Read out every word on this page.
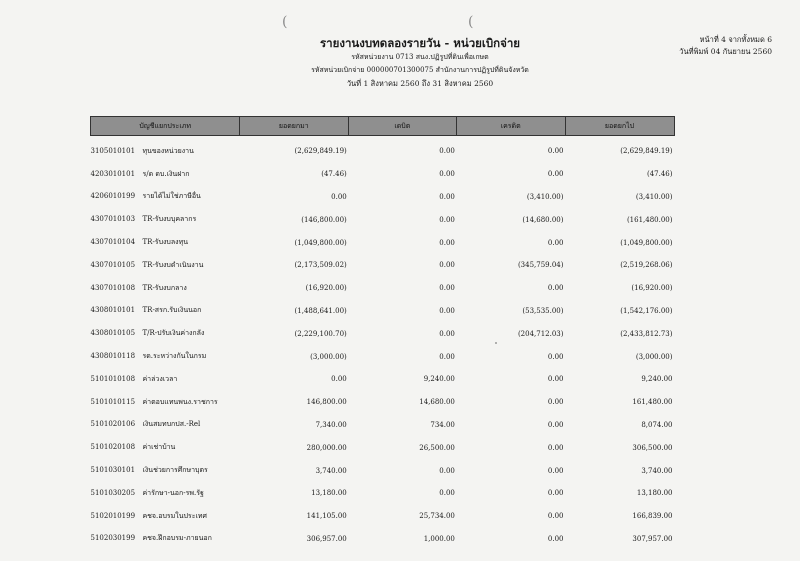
(	(
หน้าที่ 4 จากทั้งหมด 6
วันที่พิมพ์ 04 กันยายน 2560
รายงานงบทดลองรายวัน - หน่วยเบิกจ่าย
รหัสหน่วยงาน 0713 สนง.ปฏิรูปที่ดินเพื่อเกษต
รหัสหน่วยเบิกจ่าย 000000701300075 สำนักงานการปฏิรูปที่ดินจังหวัด
วันที่ 1 สิงหาคม 2560 ถึง 31 สิงหาคม 2560
บัญชีแยกประเภท	ยอดยกมา	เดบิต	เครดิต	ยอดยกไป
3105010101 ทุนของหน่วยงาน	(2,629,849.19)	0.00	0.00	(2,629,849.19)
4203010101 ร/ด ดบ.เงินฝาก	(47.46)	0.00	0.00	(47.46)
4206010199 รายได้ไม่ใช่ภาษีอื่น	0.00	0.00	(3,410.00)	(3,410.00)
4307010103 TR-รับงบบุคลากร	(146,800.00)	0.00	(14,680.00)	(161,480.00)
4307010104 TR-รับงบลงทุน	(1,049,800.00)	0.00	0.00	(1,049,800.00)
4307010105 TR-รับงบดำเนินงาน	(2,173,509.02)	0.00	(345,759.04)	(2,519,268.06)
4307010108 TR-รับงบกลาง	(16,920.00)	0.00	0.00	(16,920.00)
4308010101 TR-สรก.รับเงินนอก	(1,488,641.00)	0.00	(53,535.00)	(1,542,176.00)
4308010105 T/R-ปรับเงินค่างกลัง	(2,229,100.70)	0.00	(204,712.03)	(2,433,812.73)
4308010118 รด.ระหว่างกันในกรม	(3,000.00)	0.00	0.00	(3,000.00)
5101010108 ค่าล่วงเวลา	0.00	9,240.00	0.00	9,240.00
5101010115 ค่าตอบแทนพนง.ราชการ	146,800.00	14,680.00	0.00	161,480.00
5101020106 เงินสมทบกปส.-Rel	7,340.00	734.00	0.00	8,074.00
5101020108 ค่าเช่าบ้าน	280,000.00	26,500.00	0.00	306,500.00
5101030101 เงินช่วยการศึกษาบุตร	3,740.00	0.00	0.00	3,740.00
5101030205 ค่ารักษา-นอก-รพ.รัฐ	13,180.00	0.00	0.00	13,180.00
5102010199 คชจ.อบรมในประเทศ	141,105.00	25,734.00	0.00	166,839.00
5102030199 คชจ.ฝึกอบรม-ภายนอก	306,957.00	1,000.00	0.00	307,957.00
